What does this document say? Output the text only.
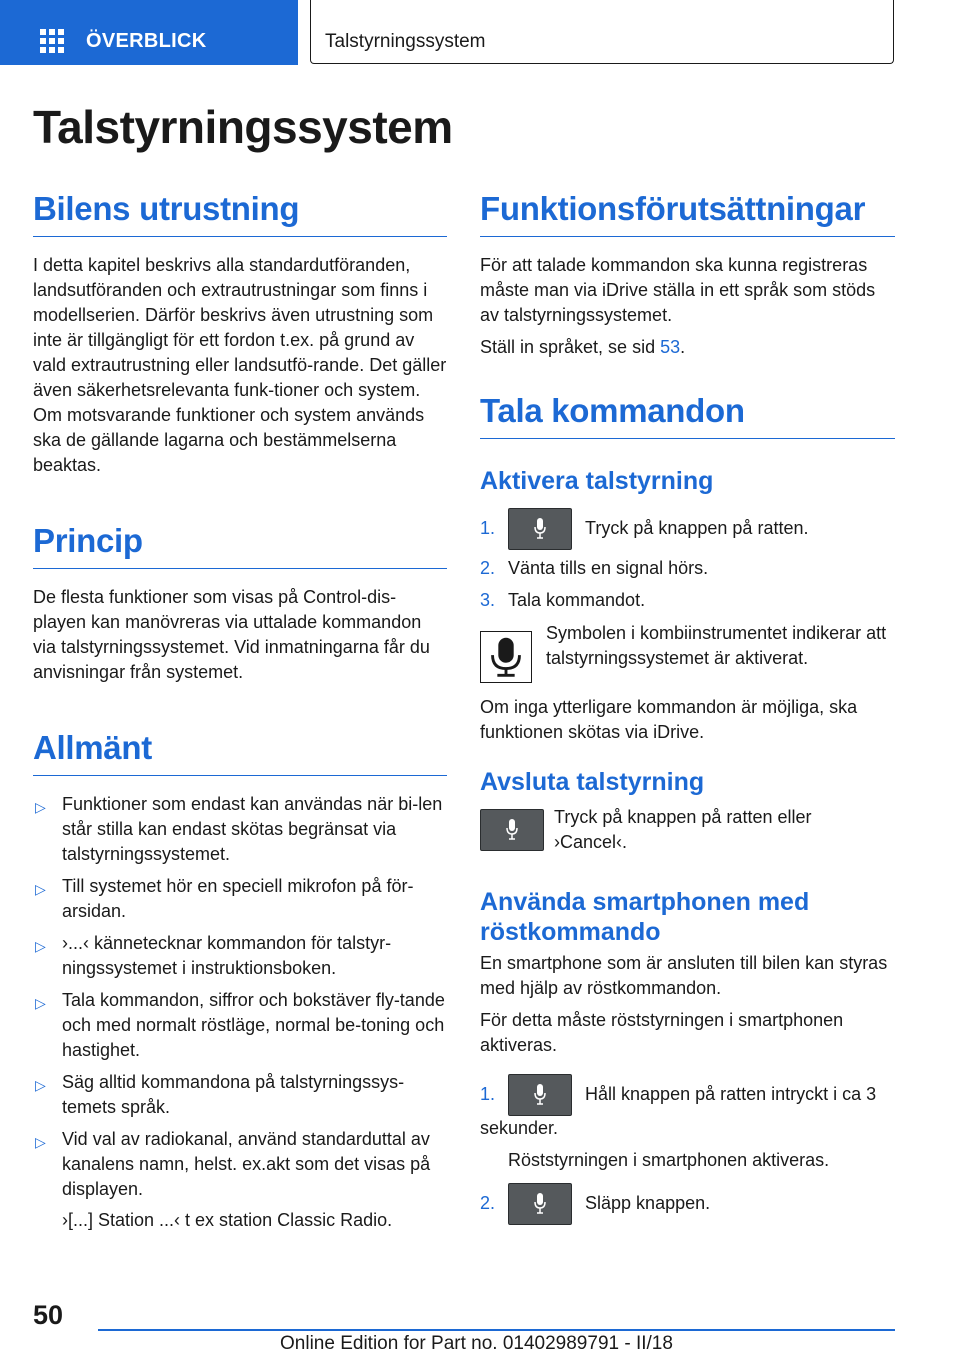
ÖVERBLICK	Talstyrningssystem
Talstyrningssystem
Bilens utrustning

I detta kapitel beskrivs alla standardutföranden, landsutföranden och extrautrustningar som finns i modellserien. Därför beskrivs även utrustning som inte är tillgängligt för ett fordon t.ex. på grund av vald extrautrustning eller landsutfö‐rande. Det gäller även säkerhetsrelevanta funk‐tioner och system. Om motsvarande funktioner och system används ska de gällande lagarna och bestämmelserna beaktas.

Princip

De flesta funktioner som visas på Control-dis‐playen kan manövreras via uttalade kommandon via talstyrningssystemet. Vid inmatningarna får du anvisningar från systemet.

Allmänt
▷ Funktioner som endast kan användas när bi‐len står stilla kan endast skötas begränsat via talstyrningssystemet.
▷ Till systemet hör en speciell mikrofon på för‐arsidan.
▷ ›...‹ kännetecknar kommandon för talstyr‐ningssystemet i instruktionsboken.
▷ Tala kommandon, siffror och bokstäver fly‐tande och med normalt röstläge, normal be‐toning och hastighet.
▷ Säg alltid kommandona på talstyrningssys‐temets språk.
▷ Vid val av radiokanal, använd standarduttal av kanalens namn, helst. ex.akt som det visas på displayen.
›[...] Station ...‹ t ex station Classic Radio.
Funktionsförutsättningar

För att talade kommandon ska kunna registreras måste man via iDrive ställa in ett språk som stöds av talstyrningssystemet.

Ställ in språket, se sid 53.

Tala kommandon
Aktivera talstyrning
1.	Tryck på knappen på ratten.
2. Vänta tills en signal hörs.
3. Tala kommandot.

Symbolen i kombiinstrumentet indikerar att talstyrningssystemet är aktiverat.

Om inga ytterligare kommandon är möjliga, ska funktionen skötas via iDrive.

Avsluta talstyrning

Tryck på knappen på ratten eller ›Cancel‹.

Använda smartphonen med röstkommando

En smartphone som är ansluten till bilen kan styras med hjälp av röstkommandon.

För detta måste röststyrningen i smartphonen aktiveras.

1.	Håll knappen på ratten intryckt i ca 3 sekunder.
Röststyrningen i smartphonen aktiveras.
2.	Släpp knappen.
50
Online Edition for Part no. 01402989791 - II/18
